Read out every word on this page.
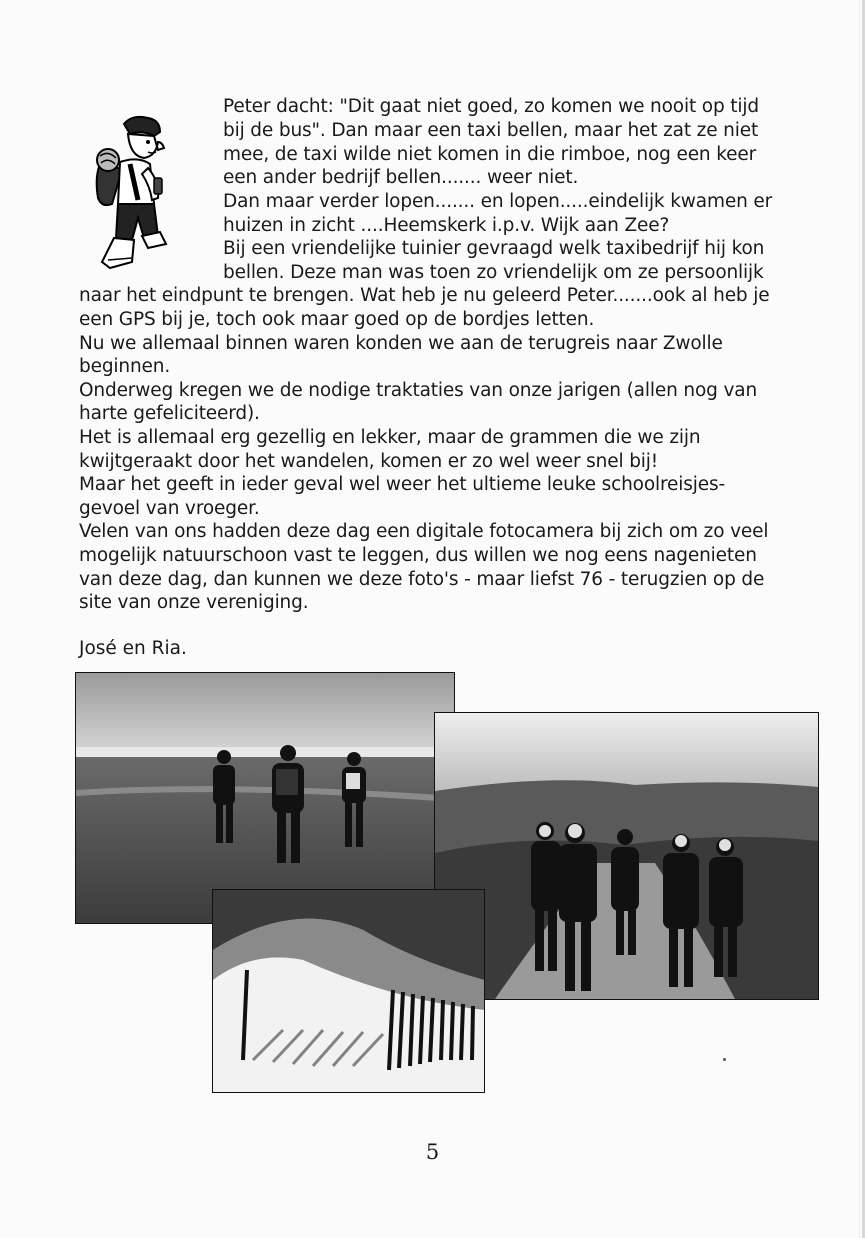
Peter dacht: "Dit gaat niet goed, zo komen we nooit op tijd
bij de bus". Dan maar een taxi bellen, maar het zat ze niet
mee, de taxi wilde niet komen in die rimboe, nog een keer
een ander bedrijf bellen....... weer niet.
Dan maar verder lopen....... en lopen.....eindelijk kwamen er
huizen in zicht ....Heemskerk i.p.v. Wijk aan Zee?
Bij een vriendelijke tuinier gevraagd welk taxibedrijf hij kon
bellen. Deze man was toen zo vriendelijk om ze persoonlijk
naar het eindpunt te brengen. Wat heb je nu geleerd Peter.......ook al heb je
een GPS bij je, toch ook maar goed op de bordjes letten.
Nu we allemaal binnen waren konden we aan de terugreis naar Zwolle
beginnen.
Onderweg kregen we de nodige traktaties van onze jarigen (allen nog van
harte gefeliciteerd).
Het is allemaal erg gezellig en lekker, maar de grammen die we zijn
kwijtgeraakt door het wandelen, komen er zo wel weer snel bij!
Maar het geeft in ieder geval wel weer het ultieme leuke schoolreisjes-
gevoel van vroeger.
Velen van ons hadden deze dag een digitale fotocamera bij zich om zo veel
mogelijk natuurschoon vast te leggen, dus willen we nog eens nagenieten
van deze dag, dan kunnen we deze foto's - maar liefst 76 - terugzien op de
site van onze vereniging.
José en Ria.
5
